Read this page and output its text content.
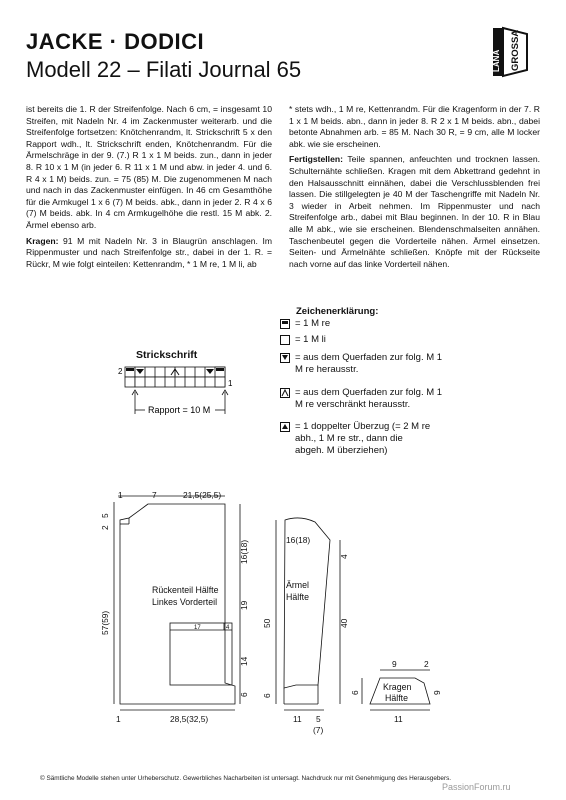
JACKE · DODICI
Modell 22 – Filati Journal 65	LANA GROSSA

ist bereits die 1. R der Streifenfolge. Nach 6 cm, = insgesamt 10 Streifen, mit Nadeln Nr. 4 im Zackenmuster weiterarb. und die Streifenfolge fortsetzen: Knötchenrandm, lt. Strickschrift 5 x den Rapport wdh., lt. Strickschrift enden, Knötchenrandm. Für die Ärmelschräge in der 9. (7.) R 1 x 1 M beids. zun., dann in jeder 8. R 10 x 1 M (in jeder 6. R 11 x 1 M und abw. in jeder 4. und 6. R 4 x 1 M) beids. zun. = 75 (85) M. Die zugenommenen M nach und nach in das Zackenmuster einfügen. In 46 cm Gesamthöhe für die Armkugel 1 x 6 (7) M beids. abk., dann in jeder 2. R 4 x 6 (7) M beids. abk. In 4 cm Armkugelhöhe die restl. 15 M abk. 2. Ärmel ebenso arb.

Kragen: 91 M mit Nadeln Nr. 3 in Blaugrün anschlagen. Im Rippenmuster und nach Streifenfolge str., dabei in der 1. R. = Rückr, M wie folgt einteilen: Kettenrandm, * 1 M re, 1 M li, ab

* stets wdh., 1 M re, Kettenrandm. Für die Kragenform in der 7. R 1 x 1 M beids. abn., dann in jeder 8. R 2 x 1 M beids. abn., dabei betonte Abnahmen arb. = 85 M. Nach 30 R, = 9 cm, alle M locker abk. wie sie erscheinen.

Fertigstellen: Teile spannen, anfeuchten und trocknen lassen. Schulternähte schließen. Kragen mit dem Abkettrand gedehnt in den Halsausschnitt einnähen, dabei die Verschlussblenden frei lassen. Die stillgelegten je 40 M der Taschengriffe mit Nadeln Nr. 3 wieder in Arbeit nehmen. Im Rippenmuster und nach Streifenfolge arb., dabei mit Blau beginnen. In der 10. R in Blau alle M abk., wie sie erscheinen. Blendenschmalseiten annähen. Taschenbeutel gegen die Vorderteile nähen. Ärmel einsetzen. Seiten- und Ärmelnähte schließen. Knöpfe mit der Rückseite nach vorne auf das linke Vorderteil nähen.

Strickschrift
2
1
Rapport = 10 M
Zeichenerklärung:
= 1 M re
= 1 M li
= aus dem Querfaden zur folg. M 1
M re herausstr.
= aus dem Querfaden zur folg. M 1
M re verschränkt herausstr.
= 1 doppelter Überzug (= 2 M re
abh., 1 M re str., dann die
abgeh. M überziehen)
1	7	21,5(25,5)
5
2
57(59)
16(18)
19
14
6
17	4
Rückenteil Hälfte
Linkes Vorderteil
1	28,5(32,5)
16(18)
4
50	40
6
Ärmel
Hälfte
11 5
(7)
9	2
6	9
Kragen
Hälfte
11
© Sämtliche Modelle stehen unter Urheberschutz. Gewerbliches Nacharbeiten ist untersagt. Nachdruck nur mit Genehmigung des Herausgebers.
PassionForum.ru
